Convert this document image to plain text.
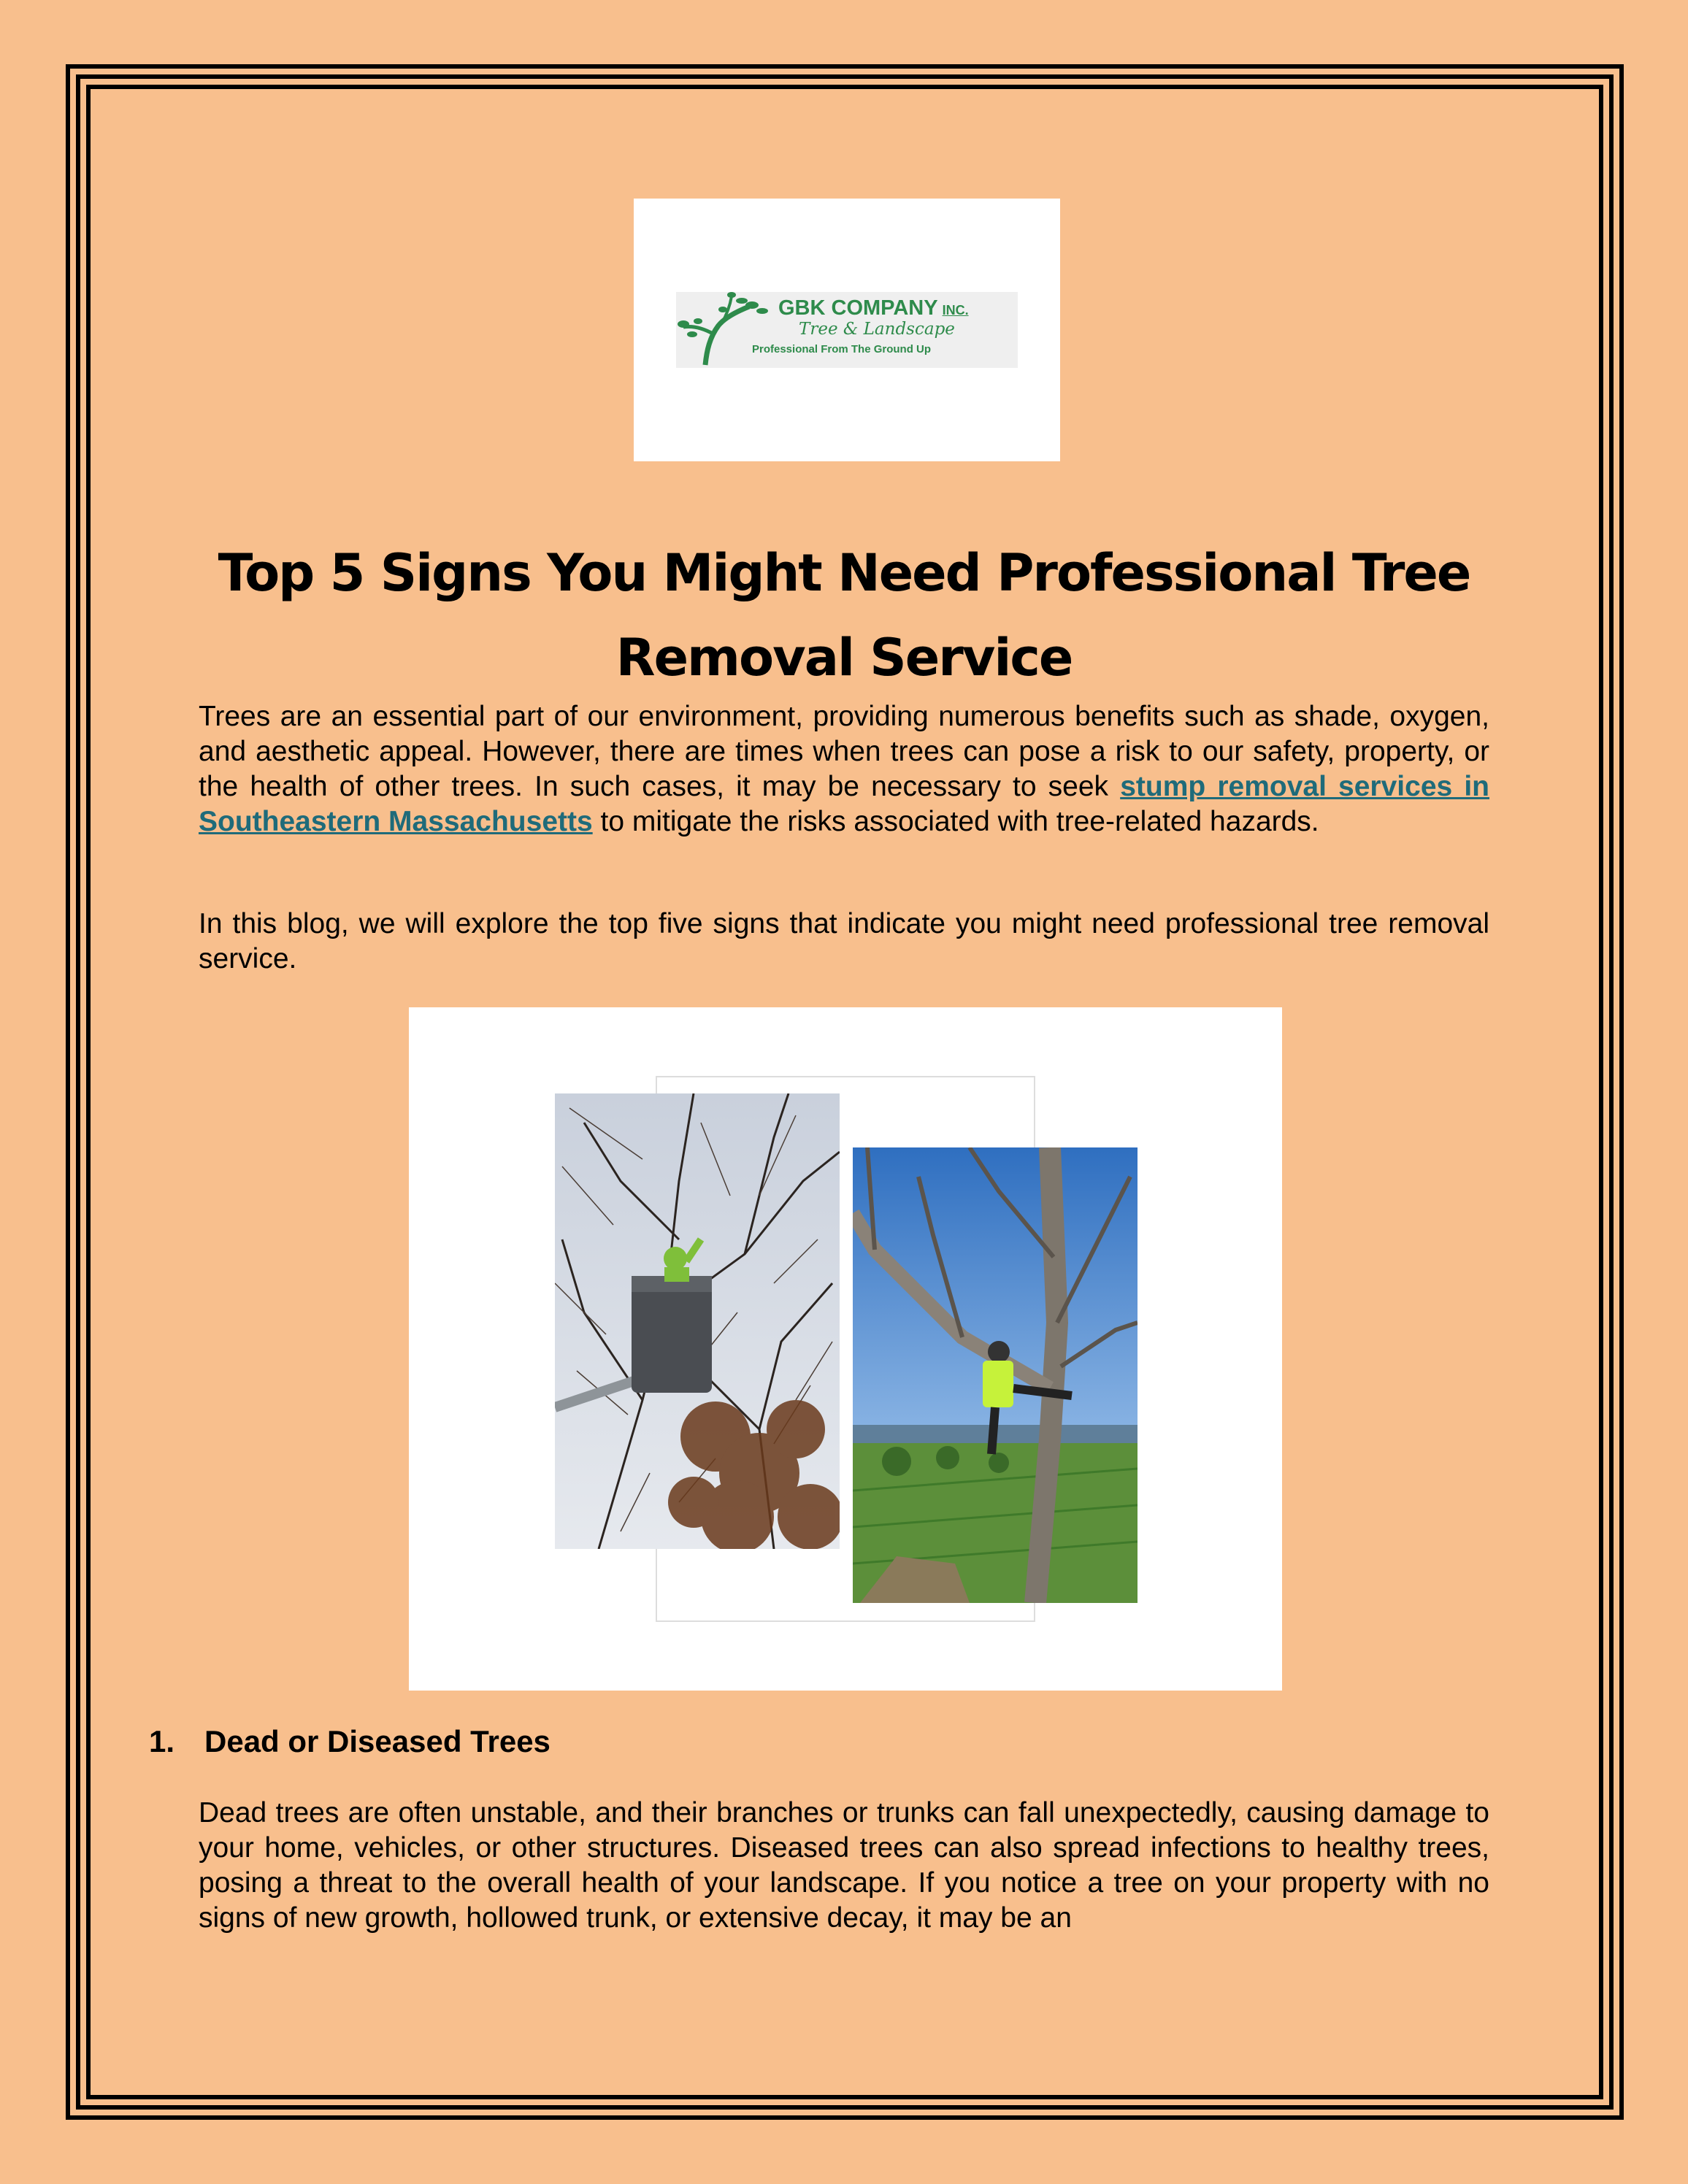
GBK COMPANY INC.
Tree & Landscape
Professional From The Ground Up
Top 5 Signs You Might Need Professional Tree
Removal Service

Trees are an essential part of our environment, providing numerous benefits such as shade, oxygen, and aesthetic appeal. However, there are times when trees can pose a risk to our safety, property, or the health of other trees. In such cases, it may be necessary to seek stump removal services in Southeastern Massachusetts to mitigate the risks associated with tree-related hazards.

In this blog, we will explore the top five signs that indicate you might need professional tree removal service.

1. Dead or Diseased Trees

Dead trees are often unstable, and their branches or trunks can fall unexpectedly, causing damage to your home, vehicles, or other structures. Diseased trees can also spread infections to healthy trees, posing a threat to the overall health of your landscape. If you notice a tree on your property with no signs of new growth, hollowed trunk, or extensive decay, it may be an
